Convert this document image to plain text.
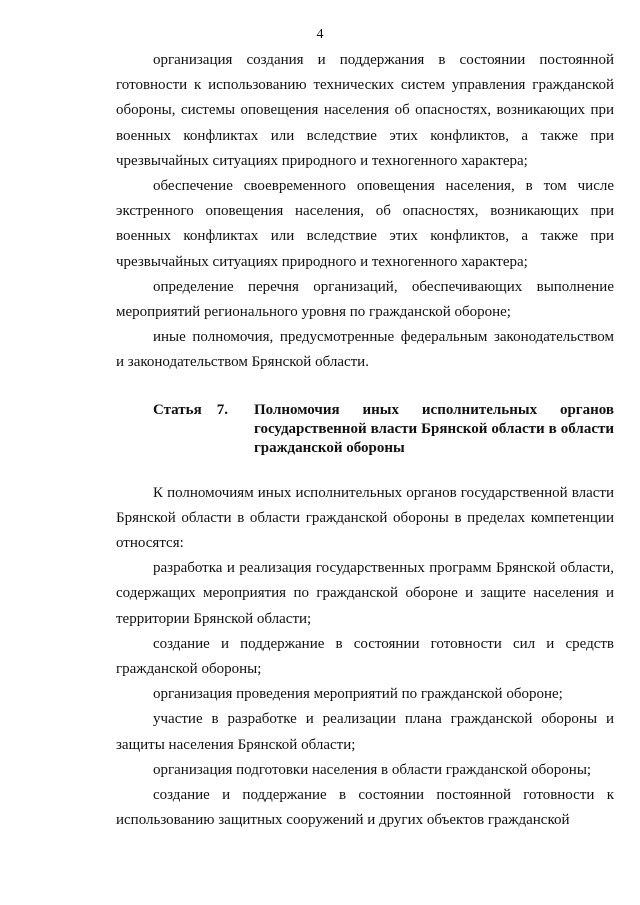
4

организация создания и поддержания в состоянии постоянной готовности к использованию технических систем управления гражданской обороны, системы оповещения населения об опасностях, возникающих при военных конфликтах или вследствие этих конфликтов, а также при чрезвычайных ситуациях природного и техногенного характера;

обеспечение своевременного оповещения населения, в том числе экстренного оповещения населения, об опасностях, возникающих при военных конфликтах или вследствие этих конфликтов, а также при чрезвычайных ситуациях природного и техногенного характера;

определение перечня организаций, обеспечивающих выполнение мероприятий регионального уровня по гражданской обороне;

иные полномочия, предусмотренные федеральным законодательством и законодательством Брянской области.

Статья 7. Полномочия иных исполнительных органов государственной власти Брянской области в области гражданской обороны

К полномочиям иных исполнительных органов государственной власти Брянской области в области гражданской обороны в пределах компетенции относятся:

разработка и реализация государственных программ Брянской области, содержащих мероприятия по гражданской обороне и защите населения и территории Брянской области;

создание и поддержание в состоянии готовности сил и средств гражданской обороны;

организация проведения мероприятий по гражданской обороне;

участие в разработке и реализации плана гражданской обороны и защиты населения Брянской области;

организация подготовки населения в области гражданской обороны;

создание и поддержание в состоянии постоянной готовности к использованию защитных сооружений и других объектов гражданской
